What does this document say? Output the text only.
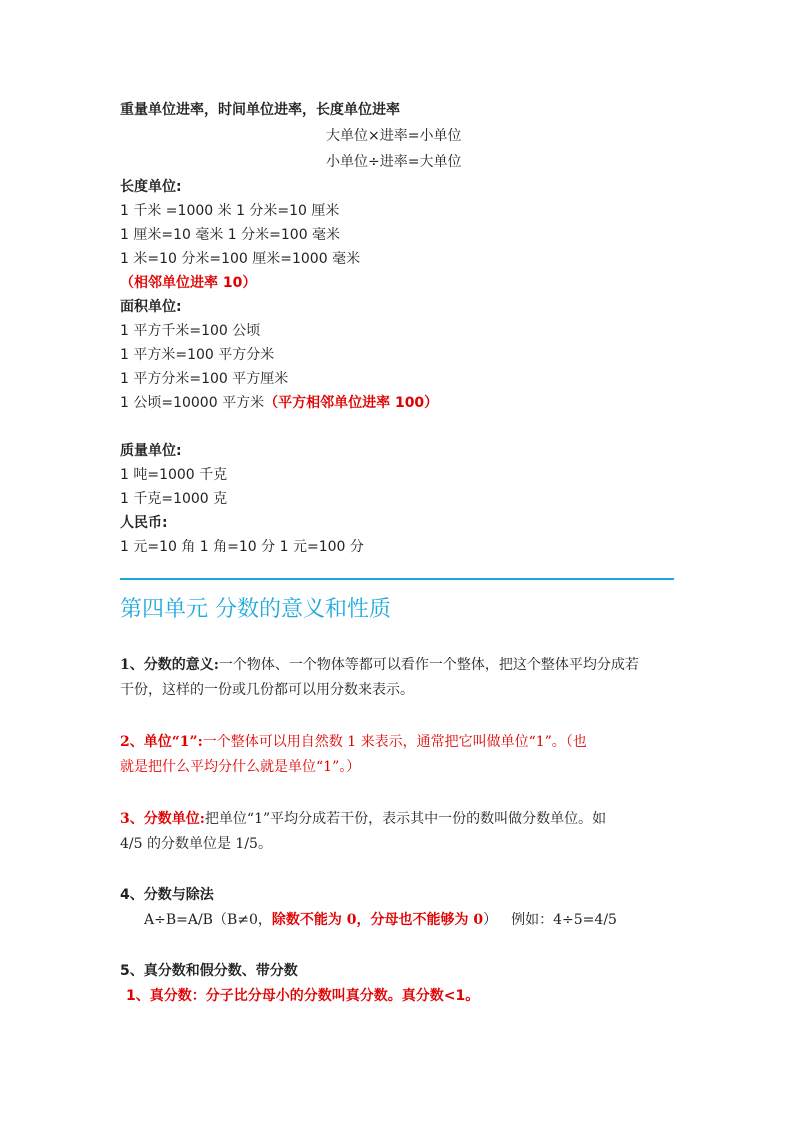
重量单位进率，时间单位进率，长度单位进率
大单位×进率=小单位
小单位÷进率=大单位
长度单位:
1 千米 =1000 米 1 分米=10 厘米
1 厘米=10 毫米 1 分米=100 毫米
1 米=10 分米=100 厘米=1000 毫米
（相邻单位进率 10）
面积单位:
1 平方千米=100 公顷
1 平方米=100 平方分米
1 平方分米=100 平方厘米
1 公顷=10000 平方米（平方相邻单位进率 100）
质量单位:
1 吨=1000 千克
1 千克=1000 克
人民币:
1 元=10 角 1 角=10 分 1 元=100 分
第四单元 分数的意义和性质
1、分数的意义:一个物体、一个物体等都可以看作一个整体，把这个整体平均分成若
干份，这样的一份或几份都可以用分数来表示。
2、单位“1”:一个整体可以用自然数 1 来表示，通常把它叫做单位“1”。（也
就是把什么平均分什么就是单位“1”。）
3、分数单位:把单位“1”平均分成若干份，表示其中一份的数叫做分数单位。如
4/5 的分数单位是 1/5。
4、分数与除法
A÷B=A/B（B≠0，除数不能为 0，分母也不能够为 0） 例如：4÷5=4/5
5、真分数和假分数、带分数
1、真分数：分子比分母小的分数叫真分数。真分数<1。
